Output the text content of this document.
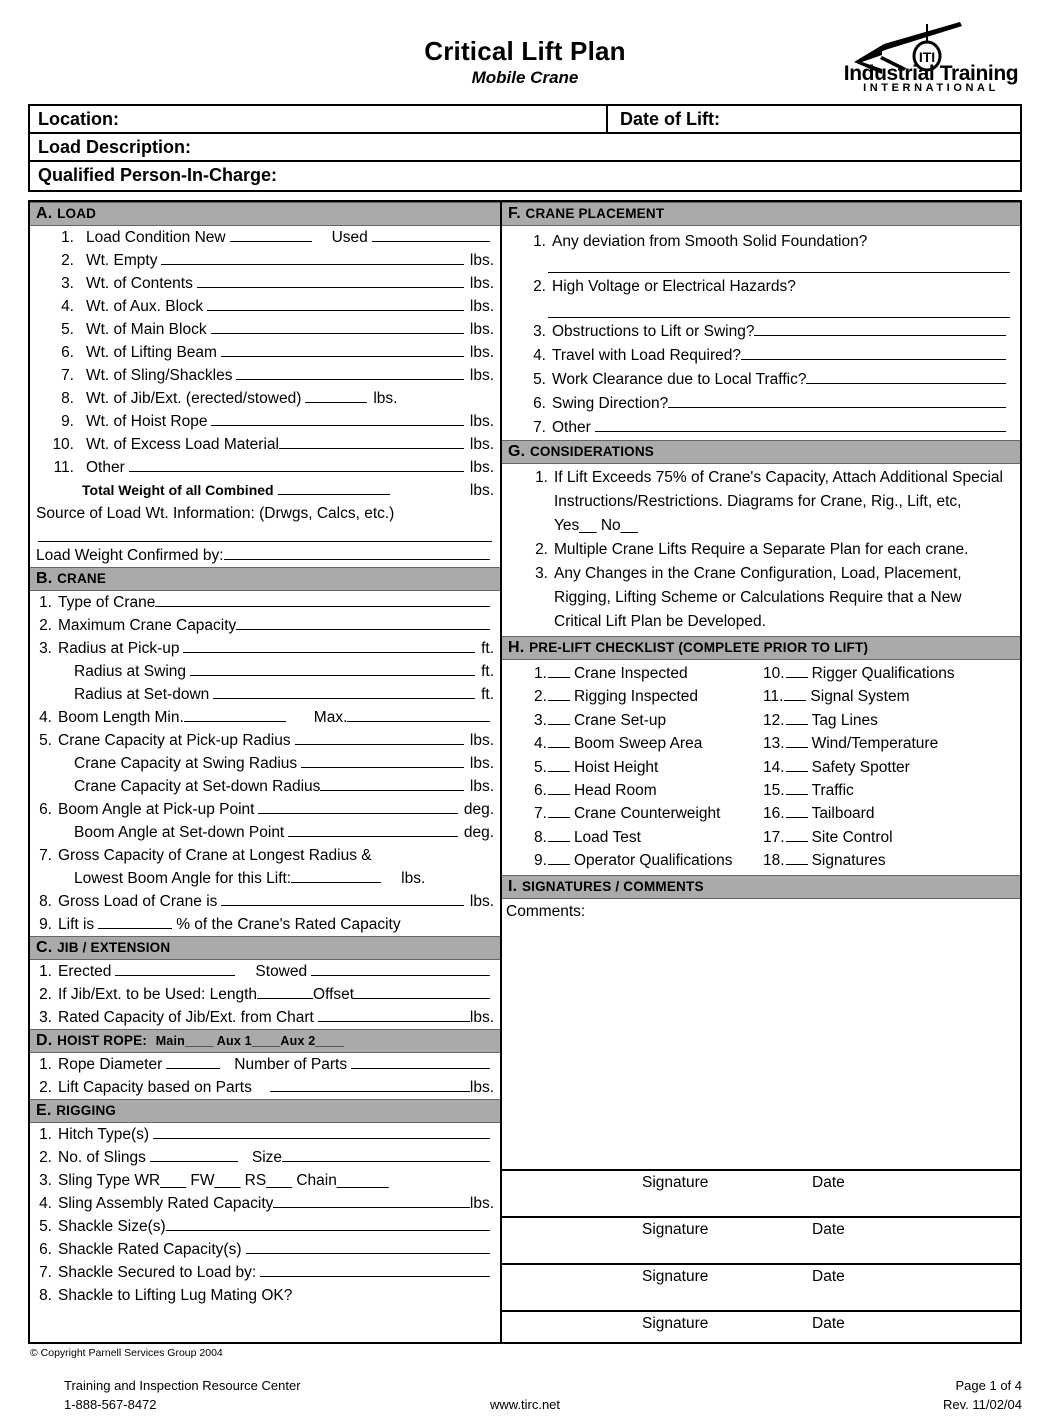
Critical Lift Plan
Mobile Crane
ITI
Industrial Training
INTERNATIONAL
Location:	Date of Lift:
Load Description:
Qualified Person-In-Charge:
A. LOAD
1. Load Condition New	Used
2. Wt. Empty	lbs.
3. Wt. of Contents	lbs.
4. Wt. of Aux. Block	lbs.
5. Wt. of Main Block	lbs.
6. Wt. of Lifting Beam	lbs.
7. Wt. of Sling/Shackles	lbs.
8. Wt. of Jib/Ext. (erected/stowed)	lbs.
9. Wt. of Hoist Rope	lbs.
10. Wt. of Excess Load Material	lbs.
11. Other	lbs.
Total Weight of all Combined	lbs.
Source of Load Wt. Information: (Drwgs, Calcs, etc.)
Load Weight Confirmed by:
B. CRANE
1. Type of Crane
2. Maximum Crane Capacity
3. Radius at Pick-up	ft.
Radius at Swing	ft.
Radius at Set-down	ft.
4. Boom Length Min.	Max.
5. Crane Capacity at Pick-up Radius	lbs.
Crane Capacity at Swing Radius	lbs.
Crane Capacity at Set-down Radius	lbs.
6. Boom Angle at Pick-up Point	deg.
Boom Angle at Set-down Point	deg.
7. Gross Capacity of Crane at Longest Radius &
Lowest Boom Angle for this Lift:	lbs.
8. Gross Load of Crane is	lbs.
9. Lift is	% of the Crane's Rated Capacity
C. JIB / EXTENSION
1. Erected	Stowed
2. If Jib/Ext. to be Used: Length	Offset
3. Rated Capacity of Jib/Ext. from Chart	lbs.
D. HOIST ROPE: Main____ Aux 1____Aux 2____
1. Rope Diameter	Number of Parts
2. Lift Capacity based on Parts	lbs.
E. RIGGING
1. Hitch Type(s)
2. No. of Slings	Size
3. Sling Type WR___ FW___ RS___ Chain______
4. Sling Assembly Rated Capacity	lbs.
5. Shackle Size(s)
6. Shackle Rated Capacity(s)
7. Shackle Secured to Load by:
8. Shackle to Lifting Lug Mating OK?
F. CRANE PLACEMENT
1. Any deviation from Smooth Solid Foundation?
2. High Voltage or Electrical Hazards?
3. Obstructions to Lift or Swing?
4. Travel with Load Required?
5. Work Clearance due to Local Traffic?
6. Swing Direction?
7. Other
G. CONSIDERATIONS
1. If Lift Exceeds 75% of Crane's Capacity, Attach Additional Special Instructions/Restrictions. Diagrams for Crane, Rig., Lift, etc, Yes__ No__
2. Multiple Crane Lifts Require a Separate Plan for each crane.
3. Any Changes in the Crane Configuration, Load, Placement, Rigging, Lifting Scheme or Calculations Require that a New Critical Lift Plan be Developed.
H. PRE-LIFT CHECKLIST (COMPLETE PRIOR TO LIFT)
1. Crane Inspected
2. Rigging Inspected
3. Crane Set-up
4. Boom Sweep Area
5. Hoist Height
6. Head Room
7. Crane Counterweight
8. Load Test
9. Operator Qualifications
10. Rigger Qualifications
11. Signal System
12. Tag Lines
13. Wind/Temperature
14. Safety Spotter
15. Traffic
16. Tailboard
17. Site Control
18. Signatures
I. SIGNATURES / COMMENTS
Comments:
Signature	Date
Signature	Date
Signature	Date
Signature	Date
© Copyright Parnell Services Group 2004
Training and Inspection Resource Center
1-888-567-8472	www.tirc.net
Page 1 of 4
Rev. 11/02/04
